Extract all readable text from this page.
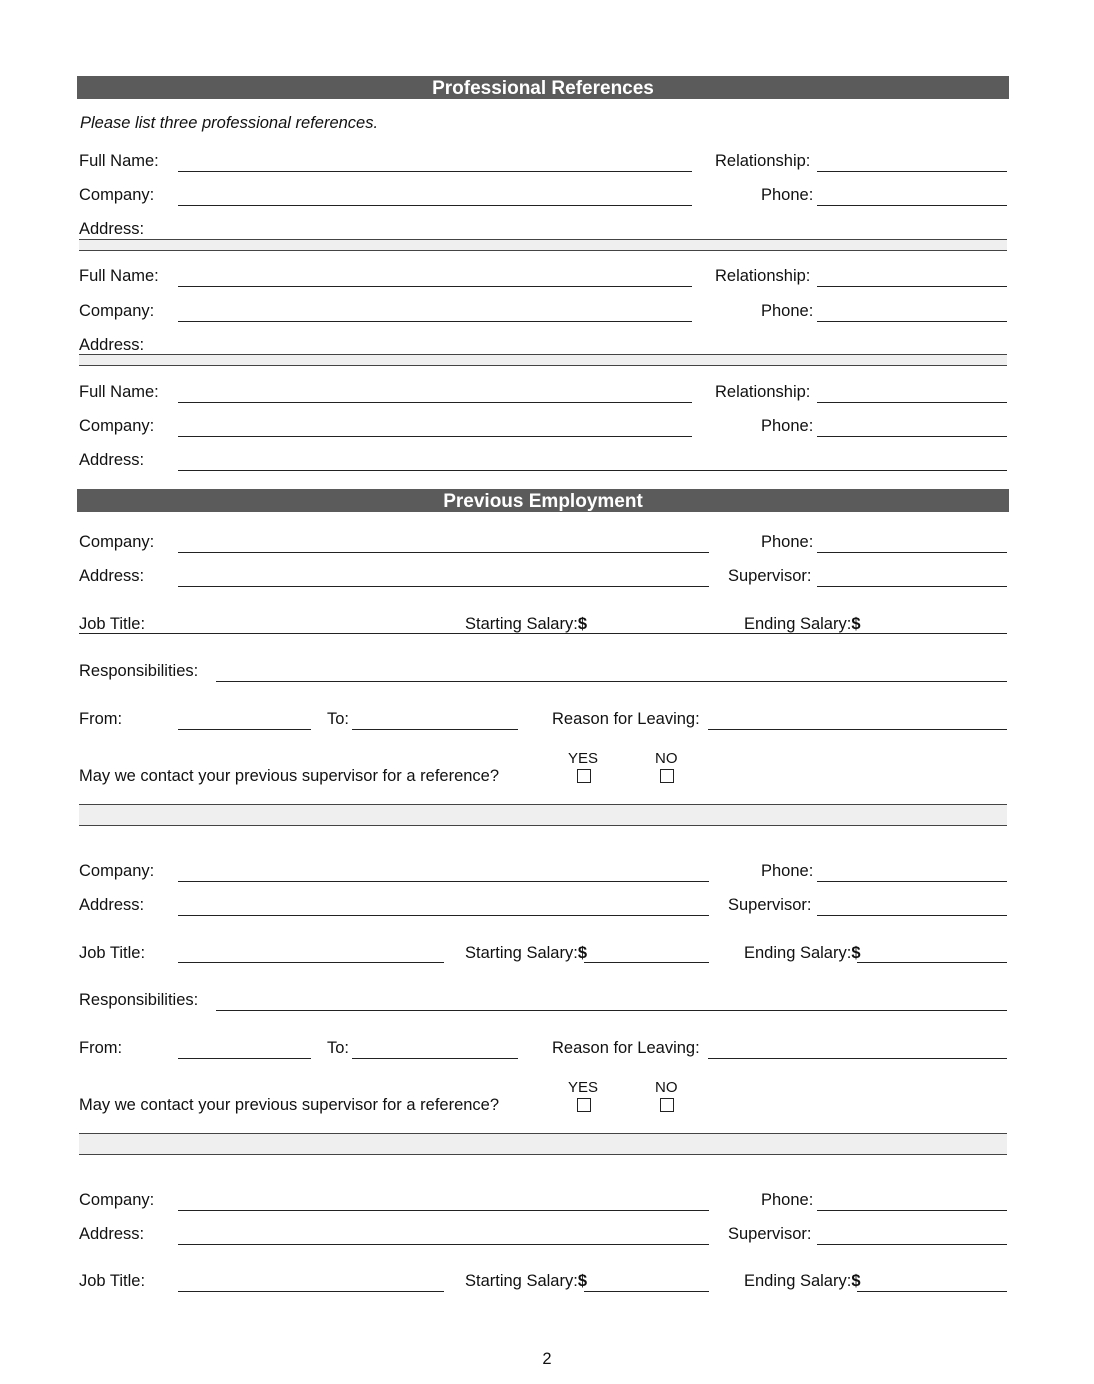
Professional References
Please list three professional references.
Full Name:	Relationship:
Company:	Phone:
Address:
Full Name:	Relationship:
Company:	Phone:
Address:
Full Name:	Relationship:
Company:	Phone:
Address:
Previous Employment
Company:	Phone:
Address:	Supervisor:
Job Title:	Starting Salary:$	Ending Salary:$
Responsibilities:
From:	To:	Reason for Leaving:
YES	NO
May we contact your previous supervisor for a reference?
Company:	Phone:
Address:	Supervisor:
Job Title:	Starting Salary:$	Ending Salary:$
Responsibilities:
From:	To:	Reason for Leaving:
YES	NO
May we contact your previous supervisor for a reference?
Company:	Phone:
Address:	Supervisor:
Job Title:	Starting Salary:$	Ending Salary:$
2
